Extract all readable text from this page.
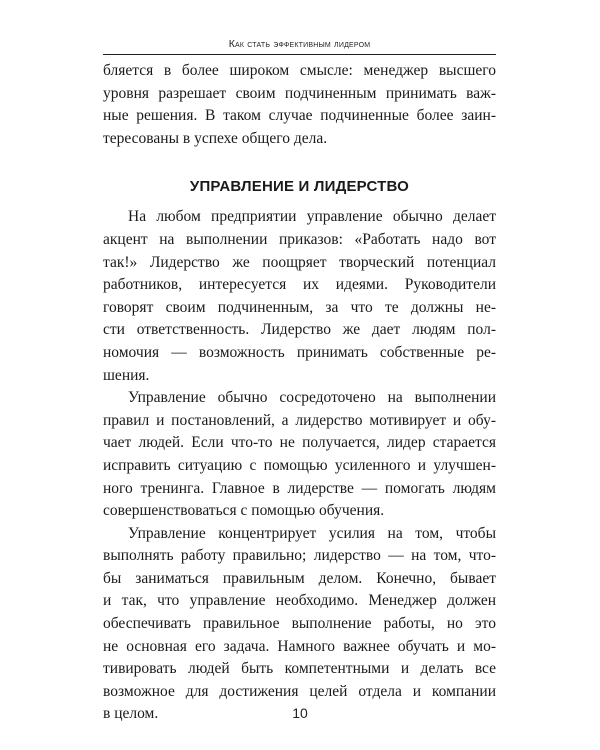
Как стать эффективным лидером
бляется в более широком смысле: менеджер высшего
уровня разрешает своим подчиненным принимать важ-
ные решения. В таком случае подчиненные более заин-
тересованы в успехе общего дела.
УПРАВЛЕНИЕ И ЛИДЕРСТВО
На любом предприятии управление обычно делает
акцент на выполнении приказов: «Работать надо вот
так!» Лидерство же поощряет творческий потенциал
работников, интересуется их идеями. Руководители
говорят своим подчиненным, за что те должны не-
сти ответственность. Лидерство же дает людям пол-
номочия — возможность принимать собственные ре-
шения.
Управление обычно сосредоточено на выполнении
правил и постановлений, а лидерство мотивирует и обу-
чает людей. Если что-то не получается, лидер старается
исправить ситуацию с помощью усиленного и улучшен-
ного тренинга. Главное в лидерстве — помогать людям
совершенствоваться с помощью обучения.
Управление концентрирует усилия на том, чтобы
выполнять работу правильно; лидерство — на том, что-
бы заниматься правильным делом. Конечно, бывает
и так, что управление необходимо. Менеджер должен
обеспечивать правильное выполнение работы, но это
не основная его задача. Намного важнее обучать и мо-
тивировать людей быть компетентными и делать все
возможное для достижения целей отдела и компании
в целом.	10
